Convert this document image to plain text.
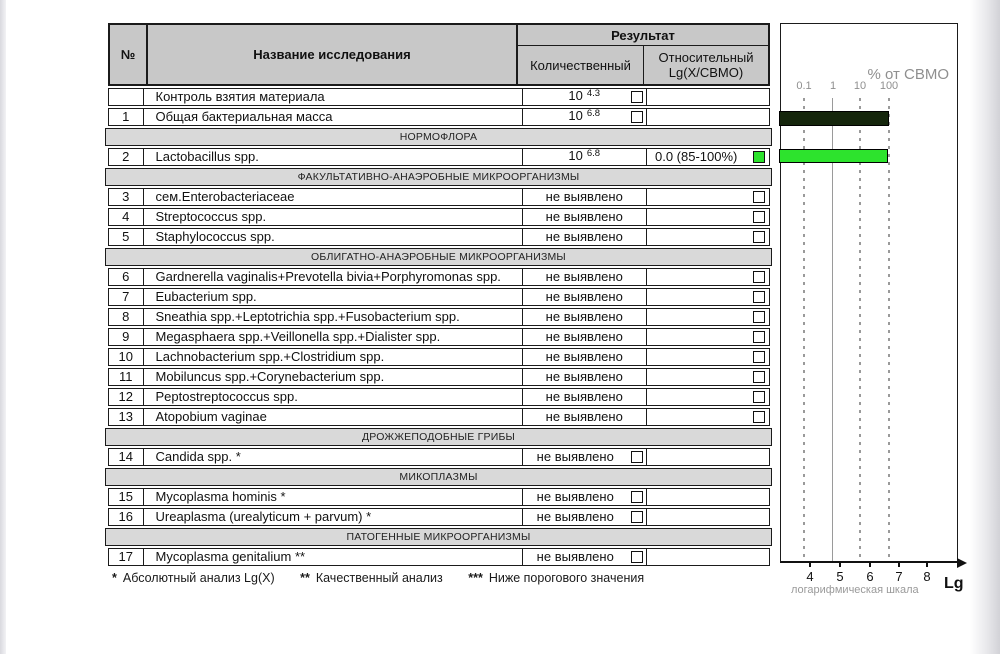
№	Название исследования
Результат
Количественный	Относительный
Lg(X/СВМО)
Контроль взятия материала	10 4.3
1	Общая бактериальная масса	10 6.8
НОРМОФЛОРА
2	Lactobacillus spp.	10 6.8	0.0 (85-100%)
ФАКУЛЬТАТИВНО-АНАЭРОБНЫЕ МИКРООРГАНИЗМЫ
3	сем.Enterobacteriaceae	не выявлено
4	Streptococcus spp.	не выявлено
5	Staphylococcus spp.	не выявлено
ОБЛИГАТНО-АНАЭРОБНЫЕ МИКРООРГАНИЗМЫ
6	Gardnerella vaginalis+Prevotella bivia+Porphyromonas spp.	не выявлено
7	Eubacterium spp.	не выявлено
8	Sneathia spp.+Leptotrichia spp.+Fusobacterium spp.	не выявлено
9	Megasphaera spp.+Veillonella spp.+Dialister spp.	не выявлено
10	Lachnobacterium spp.+Clostridium spp.	не выявлено
11	Mobiluncus spp.+Corynebacterium spp.	не выявлено
12	Peptostreptococcus spp.	не выявлено
13	Atopobium vaginae	не выявлено
ДРОЖЖЕПОДОБНЫЕ ГРИБЫ
14	Candida spp. *	не выявлено
МИКОПЛАЗМЫ
15	Mycoplasma hominis *	не выявлено
16	Ureaplasma (urealyticum + parvum) *	не выявлено
ПАТОГЕННЫЕ МИКРООРГАНИЗМЫ
17	Mycoplasma genitalium **	не выявлено
* Абсолютный анализ Lg(X) ** Качественный анализ *** Ниже порогового значения
% от СВМО
логарифмическая шкала Lg
0.1 1 10 100
4 5 6 7 8
